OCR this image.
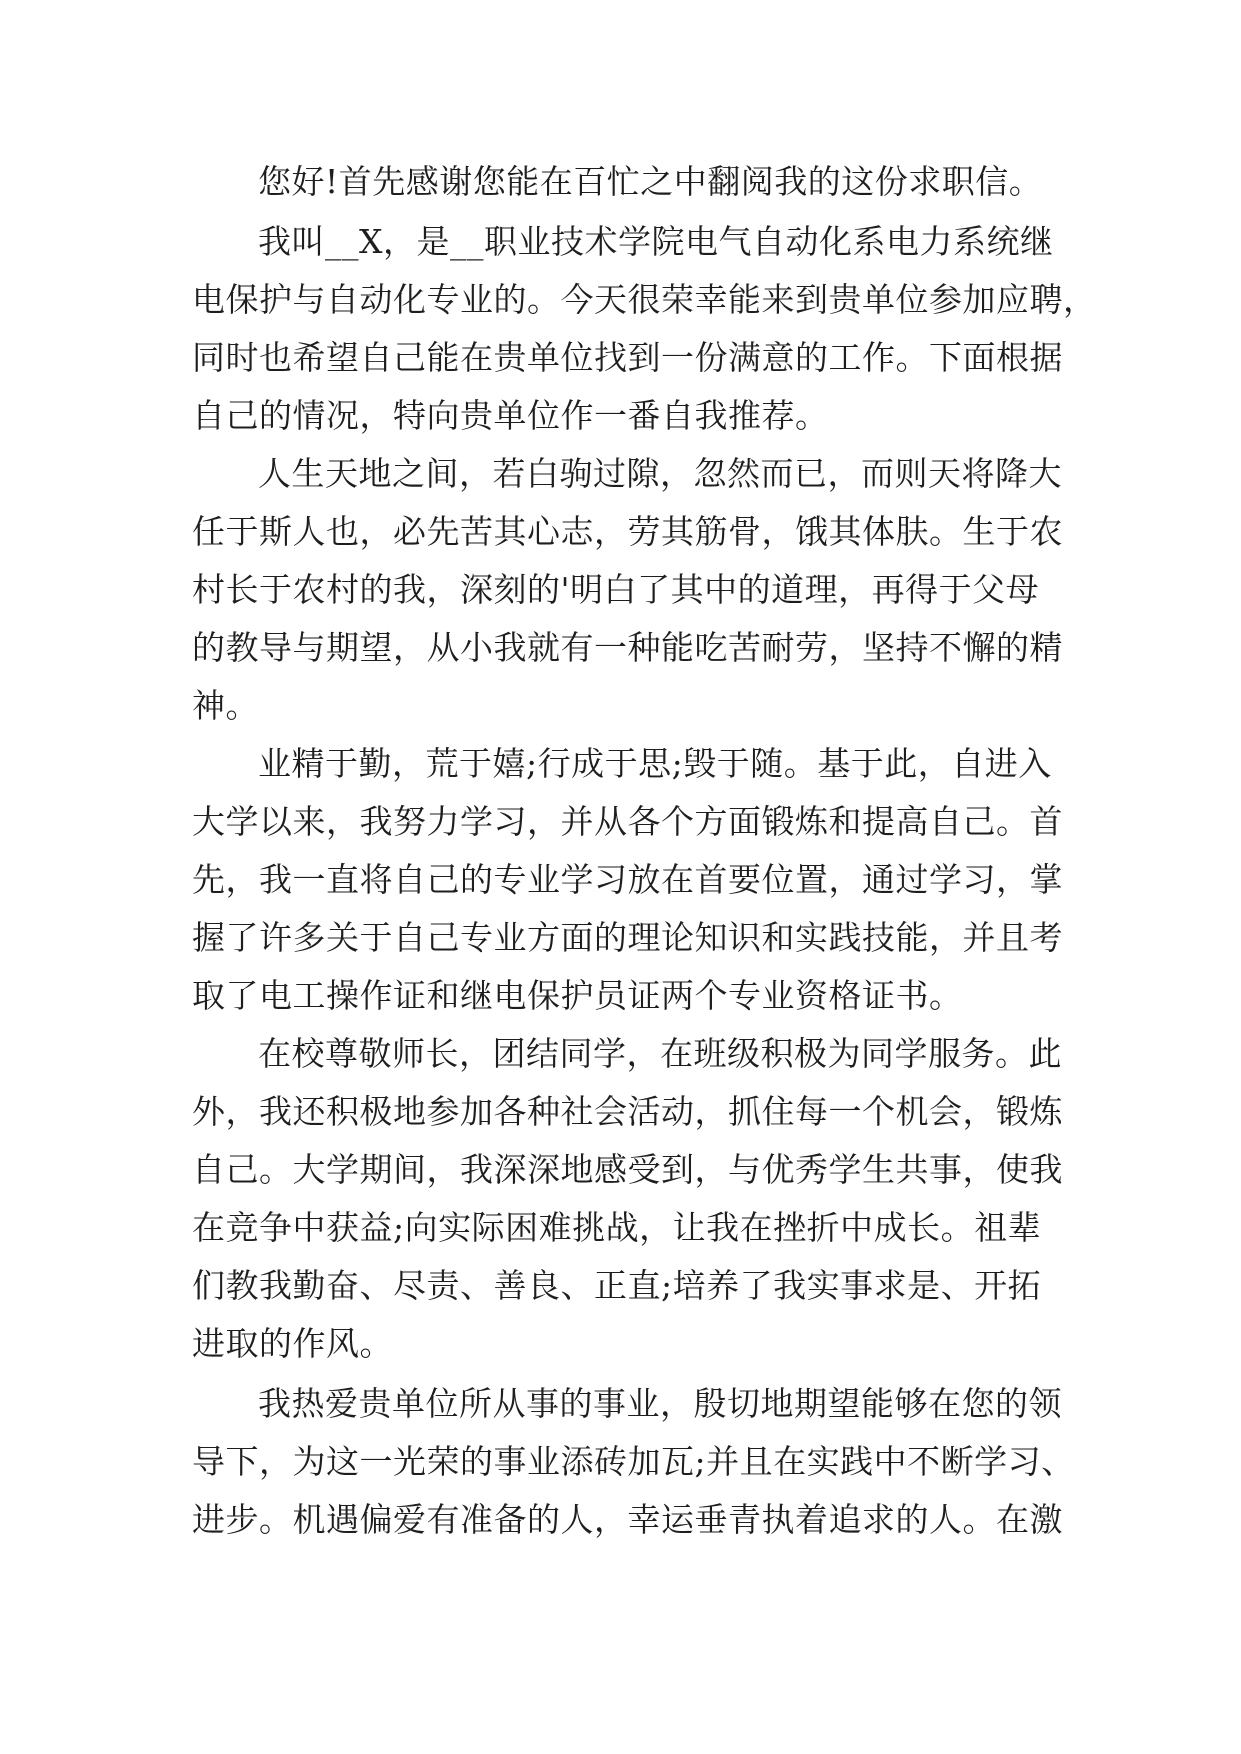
您好!首先感谢您能在百忙之中翻阅我的这份求职信。
我叫__X，是__职业技术学院电气自动化系电力系统继
电保护与自动化专业的。今天很荣幸能来到贵单位参加应聘，
同时也希望自己能在贵单位找到一份满意的工作。下面根据
自己的情况，特向贵单位作一番自我推荐。
人生天地之间，若白驹过隙，忽然而已，而则天将降大
任于斯人也，必先苦其心志，劳其筋骨，饿其体肤。生于农
村长于农村的我，深刻的'明白了其中的道理，再得于父母
的教导与期望，从小我就有一种能吃苦耐劳，坚持不懈的精
神。
业精于勤，荒于嬉;行成于思;毁于随。基于此，自进入
大学以来，我努力学习，并从各个方面锻炼和提高自己。首
先，我一直将自己的专业学习放在首要位置，通过学习，掌
握了许多关于自己专业方面的理论知识和实践技能，并且考
取了电工操作证和继电保护员证两个专业资格证书。
在校尊敬师长，团结同学，在班级积极为同学服务。此
外，我还积极地参加各种社会活动，抓住每一个机会，锻炼
自己。大学期间，我深深地感受到，与优秀学生共事，使我
在竞争中获益;向实际困难挑战，让我在挫折中成长。祖辈
们教我勤奋、尽责、善良、正直;培养了我实事求是、开拓
进取的作风。
我热爱贵单位所从事的事业，殷切地期望能够在您的领
导下，为这一光荣的事业添砖加瓦;并且在实践中不断学习、
进步。机遇偏爱有准备的人，幸运垂青执着追求的人。在激
